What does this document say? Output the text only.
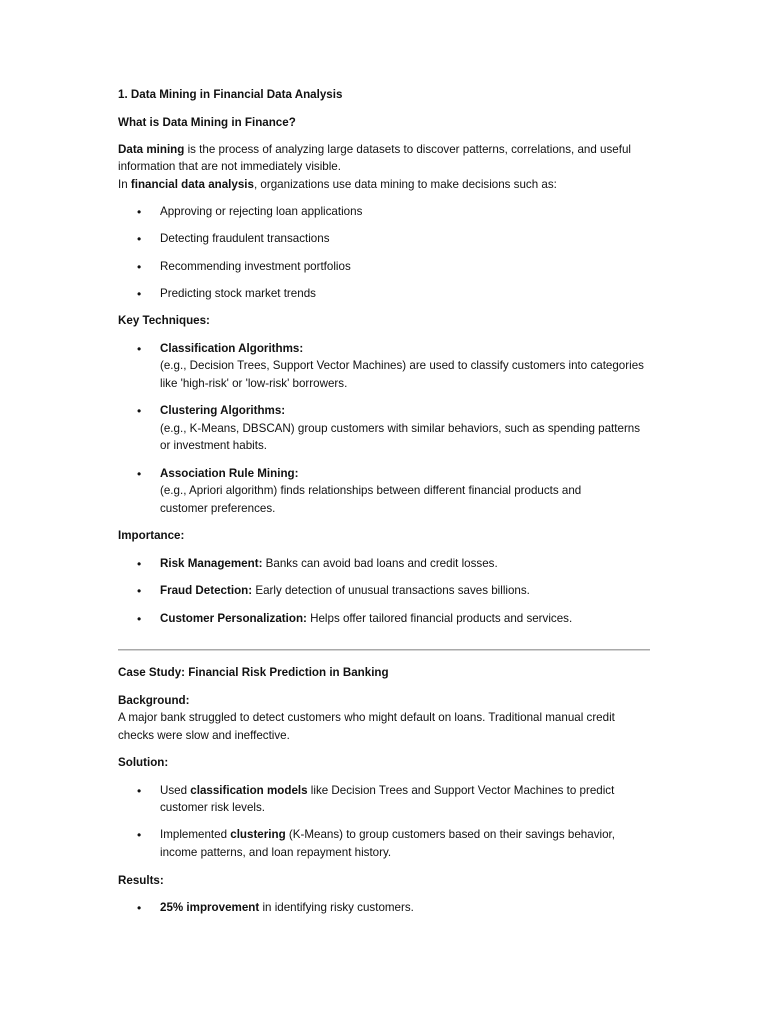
1. Data Mining in Financial Data Analysis
What is Data Mining in Finance?
Data mining is the process of analyzing large datasets to discover patterns, correlations, and useful
information that are not immediately visible.
In financial data analysis, organizations use data mining to make decisions such as:
• Approving or rejecting loan applications
• Detecting fraudulent transactions
• Recommending investment portfolios
• Predicting stock market trends
Key Techniques:
• Classification Algorithms:
(e.g., Decision Trees, Support Vector Machines) are used to classify customers into categories
like 'high-risk' or 'low-risk' borrowers.
• Clustering Algorithms:
(e.g., K-Means, DBSCAN) group customers with similar behaviors, such as spending patterns
or investment habits.
• Association Rule Mining:
(e.g., Apriori algorithm) finds relationships between different financial products and
customer preferences.
Importance:
• Risk Management: Banks can avoid bad loans and credit losses.
• Fraud Detection: Early detection of unusual transactions saves billions.
• Customer Personalization: Helps offer tailored financial products and services.
Case Study: Financial Risk Prediction in Banking
Background:
A major bank struggled to detect customers who might default on loans. Traditional manual credit
checks were slow and ineffective.
Solution:
• Used classification models like Decision Trees and Support Vector Machines to predict
customer risk levels.
• Implemented clustering (K-Means) to group customers based on their savings behavior,
income patterns, and loan repayment history.
Results:
• 25% improvement in identifying risky customers.
